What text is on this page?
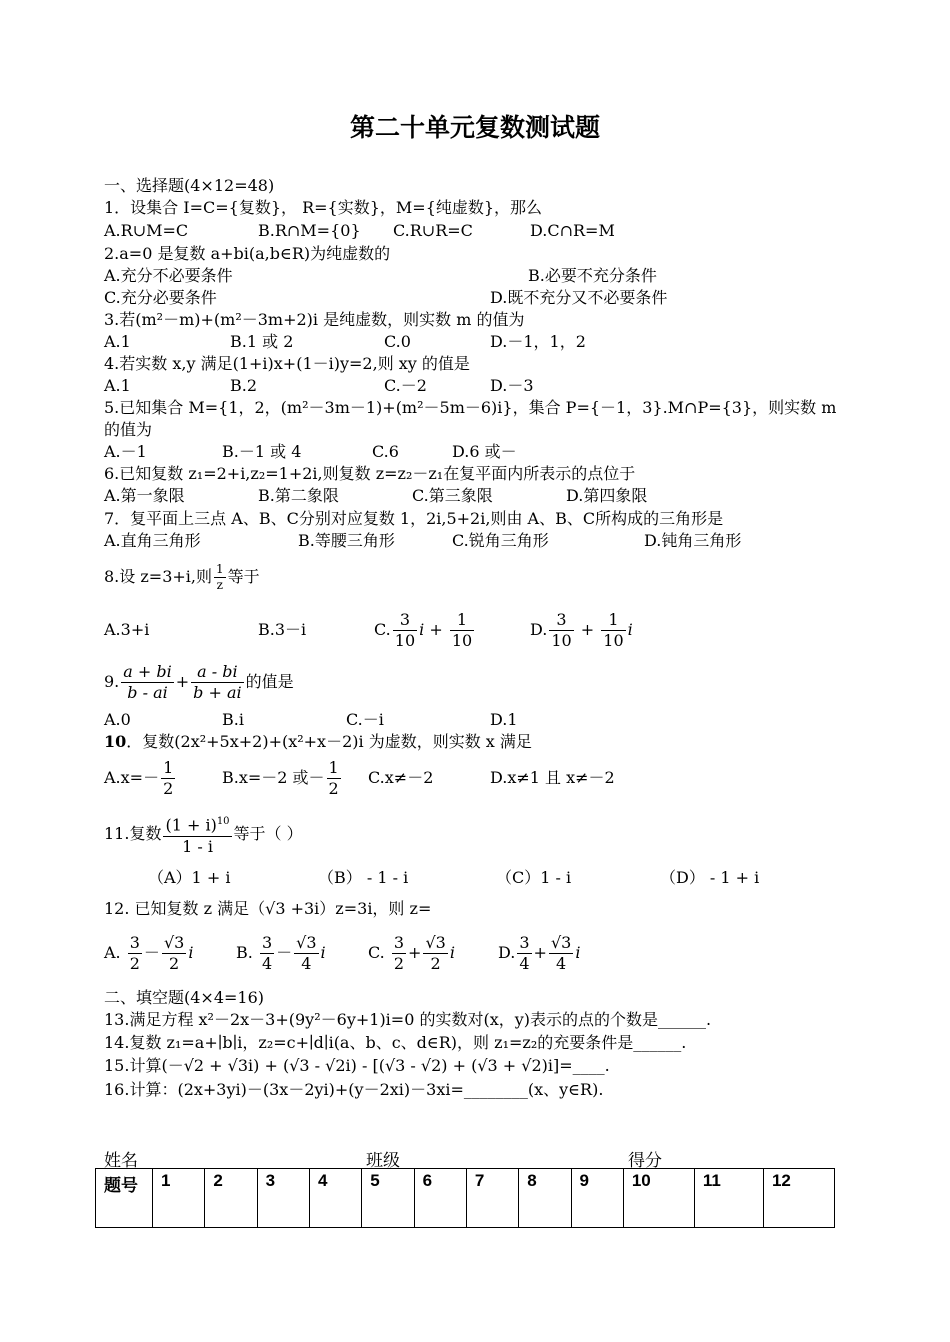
第二十单元复数测试题
一、选择题(4×12=48)
1．设集合 I=C={复数}， R={实数}，M={纯虚数}，那么
A.R∪M=C	B.R∩M={0} C.R∪R=C	D.C∩R=M
2.a=0 是复数 a+bi(a,b∈R)为纯虚数的
A.充分不必要条件	B.必要不充分条件
C.充分必要条件	D.既不充分又不必要条件
3.若(m²－m)+(m²－3m+2)i 是纯虚数，则实数 m 的值为
A.1	B.1 或 2	C.0	D.－1，1，2
4.若实数 x,y 满足(1+i)x+(1－i)y=2,则 xy 的值是
A.1	B.2	C.－2	D.－3
5.已知集合 M={1，2，(m²－3m－1)+(m²－5m－6)i}，集合 P={－1，3}.M∩P={3}，则实数 m
的值为
A.－1	B.－1 或 4	C.6	D.6 或－
6.已知复数 z₁=2+i,z₂=1+2i,则复数 z=z₂－z₁在复平面内所表示的点位于
A.第一象限	B.第二象限	C.第三象限	D.第四象限
7．复平面上三点 A、B、C分别对应复数 1，2i,5+2i,则由 A、B、C所构成的三角形是
A.直角三角形	B.等腰三角形	C.锐角三角形	D.钝角三角形
8.设 z=3+i,则 $\frac{1}{z}$ 等于
A.3+i	B.3－i	C. $\frac{3}{10}$ $i + \frac{1}{10}$	D. $\frac{3}{10} + \frac{1}{10}$ i
9. $\frac{a + bi}{b - ai} + \frac{a - bi}{b + ai}$ 的值是
A.0	B.i	C.－i	D.1
10．复数(2x²+5x+2)+(x²+x－2)i 为虚数，则实数 x 满足
$A.x=- \frac{1}{2}$	B.x=－2 或－ $\frac{1}{2} C.x\ne-2$	D.x≠1 且 x≠－2
11.复数 $\frac{(1 + i)^{10}}{1 - i}$ 等于（ ）
（A）1 + i	（B） - 1 - i	（C）1 - i	（D） - 1 + i
12. 已知复数 z 满足（√3 +3i）z=3i，则 z=
A. $\frac{3}{2} - \frac{√3}{2}$ i	B. $\frac{3}{4} - \frac{√3}{4}$ i	C. $\frac{3}{2} + \frac{√3}{2}$ i	D. $\frac{3}{4} + \frac{√3}{4}$ i
二、填空题(4×4=16)
13.满足方程 x²－2x－3+(9y²－6y+1)i=0 的实数对(x，y)表示的点的个数是______.
14.复数 z₁=a+∣b∣i，z₂=c+∣d∣i(a、b、c、d∈R)，则 z₁=z₂的充要条件是______.
15.计算(－√2 + √3i) + (√3 - √2i) - [(√3 - √2) + (√3 + √2)i]=____.
16.计算：(2x+3yi)－(3x－2yi)+(y－2xi)－3xi=________(x、y∈R).
姓名	班级	得分
题号	1	2	3	4	5	6	7	8	9	10	11	12
